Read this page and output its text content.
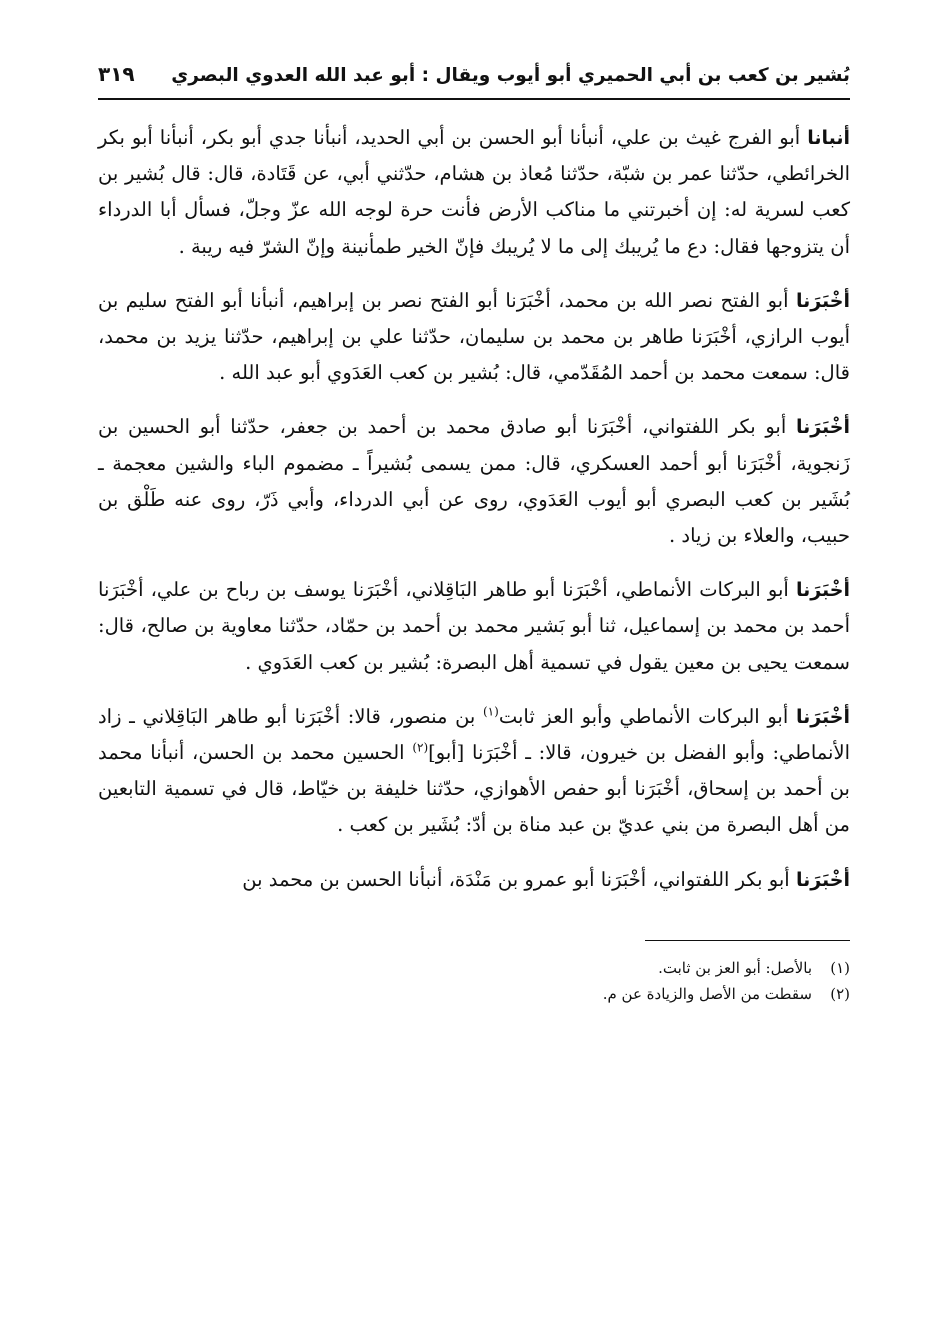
بُشير بن كعب بن أبي الحميري أبو أيوب ويقال : أبو عبد الله العدوي البصري
٣١٩

أنبانا أبو الفرج غيث بن علي، أنبأنا أبو الحسن بن أبي الحديد، أنبأنا جدي أبو بكر، أنبأنا أبو بكر الخرائطي، حدّثنا عمر بن شبّة، حدّثنا مُعاذ بن هشام، حدّثني أبي، عن قَتَادة، قال: قال بُشير بن كعب لسرية له: إن أخبرتني ما مناكب الأرض فأنت حرة لوجه الله عزّ وجلّ، فسأل أبا الدرداء أن يتزوجها فقال: دع ما يُريبك إلى ما لا يُريبك فإنّ الخير طمأنينة وإنّ الشرّ فيه ريبة .

أخْبَرَنا أبو الفتح نصر الله بن محمد، أخْبَرَنا أبو الفتح نصر بن إبراهيم، أنبأنا أبو الفتح سليم بن أيوب الرازي، أخْبَرَنا طاهر بن محمد بن سليمان، حدّثنا علي بن إبراهيم، حدّثنا يزيد بن محمد، قال: سمعت محمد بن أحمد المُقَدّمي، قال: بُشير بن كعب العَدَوي أبو عبد الله .

أخْبَرَنا أبو بكر اللفتواني، أخْبَرَنا أبو صادق محمد بن أحمد بن جعفر، حدّثنا أبو الحسين بن زَنجوية، أخْبَرَنا أبو أحمد العسكري، قال: ممن يسمى بُشيراً ـ مضموم الباء والشين معجمة ـ بُشَير بن كعب البصري أبو أيوب العَدَوي، روى عن أبي الدرداء، وأبي ذَرّ، روى عنه طَلْق بن حبيب، والعلاء بن زياد .

أخْبَرَنا أبو البركات الأنماطي، أخْبَرَنا أبو طاهر البَاقِلاني، أخْبَرَنا يوسف بن رباح بن علي، أخْبَرَنا أحمد بن محمد بن إسماعيل، ثنا أبو بَشير محمد بن أحمد بن حمّاد، حدّثنا معاوية بن صالح، قال: سمعت يحيى بن معين يقول في تسمية أهل البصرة: بُشير بن كعب العَدَوي .

أخْبَرَنا أبو البركات الأنماطي وأبو العز ثابت$^{(١)}$ بن منصور، قالا: أخْبَرَنا أبو طاهر البَاقِلاني ـ زاد الأنماطي: وأبو الفضل بن خيرون، قالا: ـ أخْبَرَنا [أبو]$^{(٢)}$ الحسين محمد بن الحسن، أنبأنا محمد بن أحمد بن إسحاق، أخْبَرَنا أبو حفص الأهوازي، حدّثنا خليفة بن خيّاط، قال في تسمية التابعين من أهل البصرة من بني عديّ بن عبد مناة بن أدّ: بُشَير بن كعب .

أخْبَرَنا أبو بكر اللفتواني، أخْبَرَنا أبو عمرو بن مَنْدَة، أنبأنا الحسن بن محمد بن

(١)
بالأصل: أبو العز بن ثابت.
(٢)
سقطت من الأصل والزيادة عن م.
